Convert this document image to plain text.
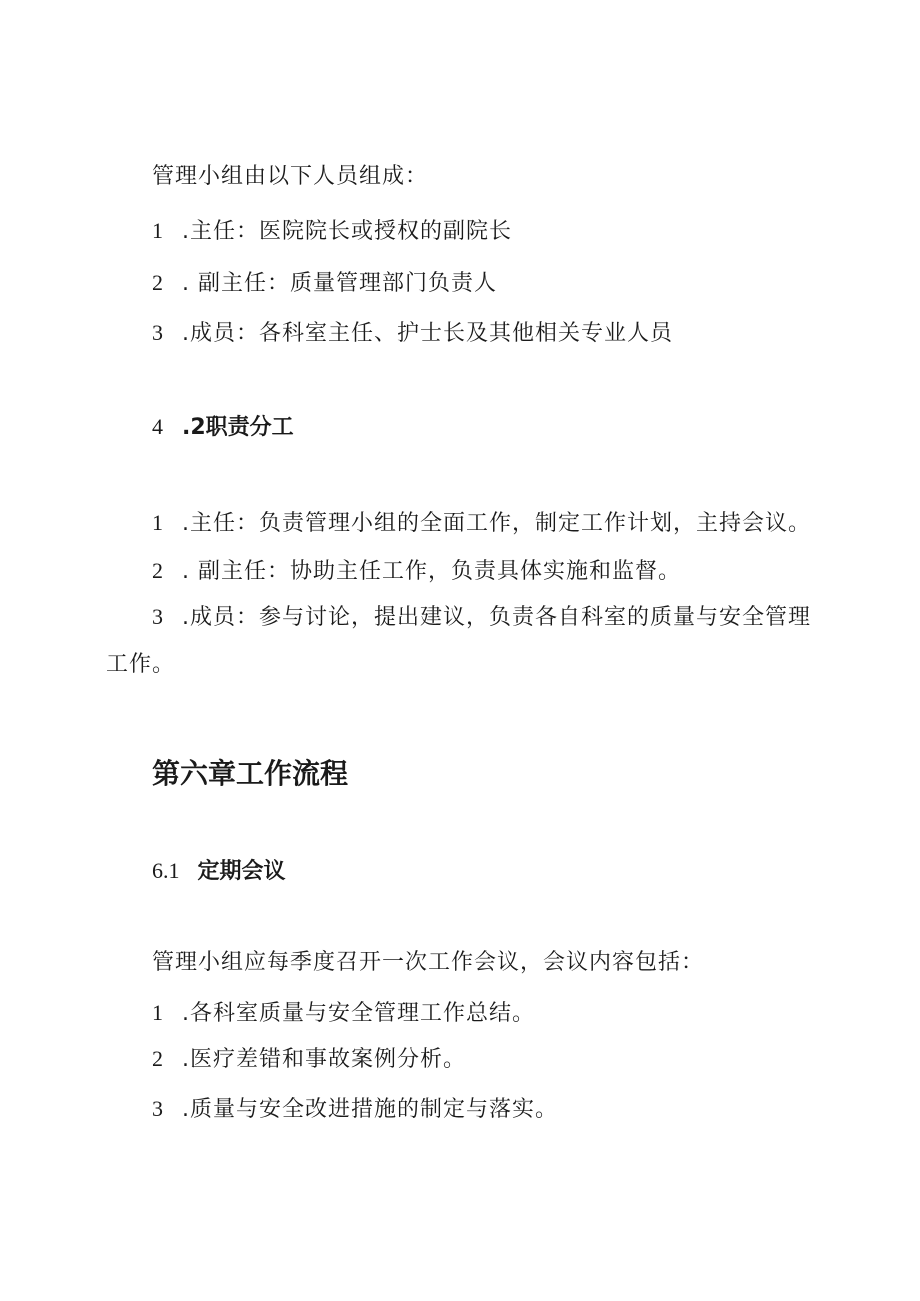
管理小组由以下人员组成：
1 .主任：医院院长或授权的副院长
2 . 副主任：质量管理部门负责人
3 .成员：各科室主任、护士长及其他相关专业人员
4 .2职责分工
1 .主任：负责管理小组的全面工作，制定工作计划，主持会议。
2 . 副主任：协助主任工作，负责具体实施和监督。
3 .成员：参与讨论，提出建议，负责各自科室的质量与安全管理
工作。
第六章工作流程
6.1 定期会议
管理小组应每季度召开一次工作会议，会议内容包括：
1 .各科室质量与安全管理工作总结。
2 .医疗差错和事故案例分析。
3 .质量与安全改进措施的制定与落实。
